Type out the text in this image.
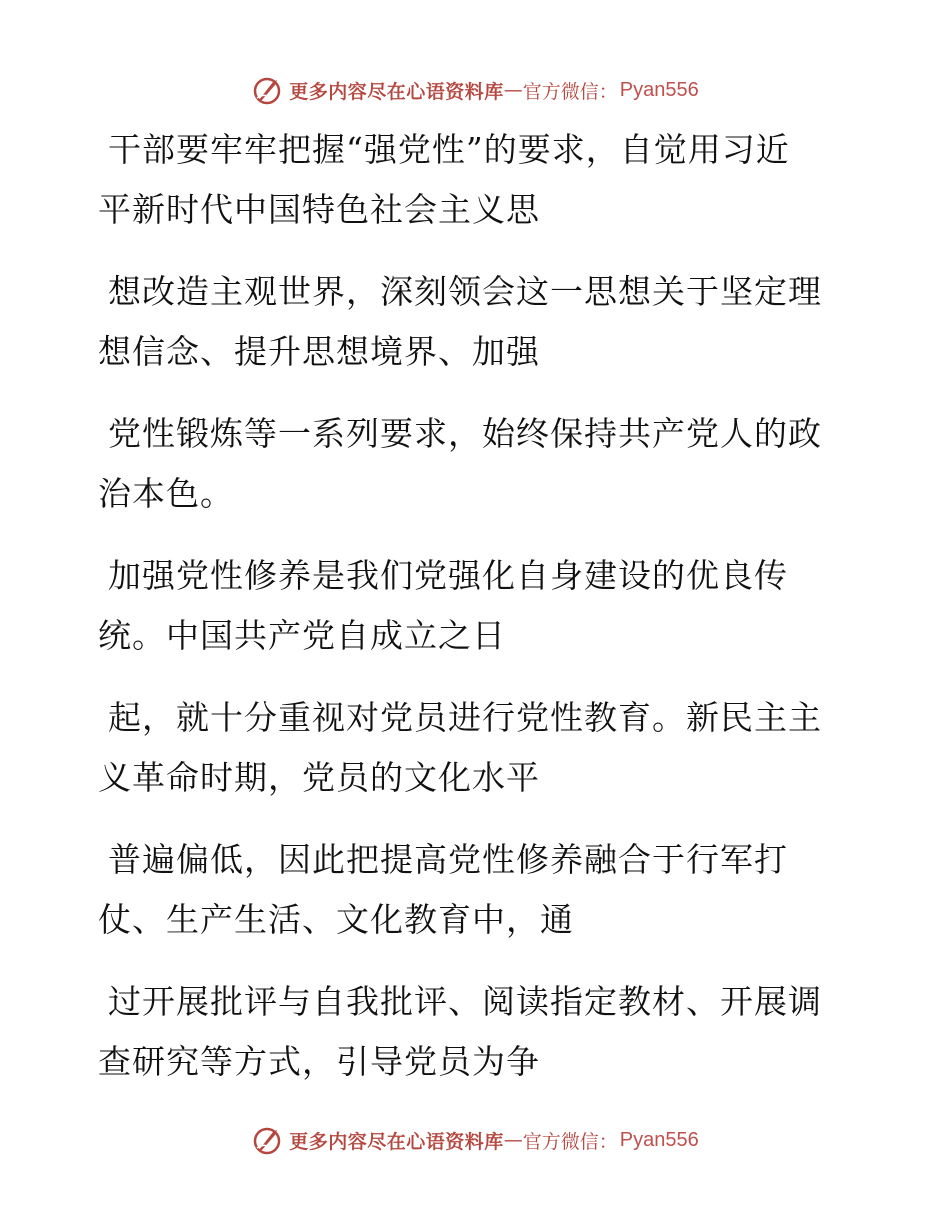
更多内容尽在心语资料库 — 官方微信： Pyan556

干部要牢牢把握“强党性”的要求，自觉用习近
平新时代中国特色社会主义思

想改造主观世界，深刻领会这一思想关于坚定理
想信念、提升思想境界、加强

党性锻炼等一系列要求，始终保持共产党人的政
治本色。

加强党性修养是我们党强化自身建设的优良传
统。中国共产党自成立之日

起，就十分重视对党员进行党性教育。新民主主
义革命时期，党员的文化水平

普遍偏低，因此把提高党性修养融合于行军打
仗、生产生活、文化教育中，通

过开展批评与自我批评、阅读指定教材、开展调
查研究等方式，引导党员为争

更多内容尽在心语资料库 — 官方微信： Pyan556
